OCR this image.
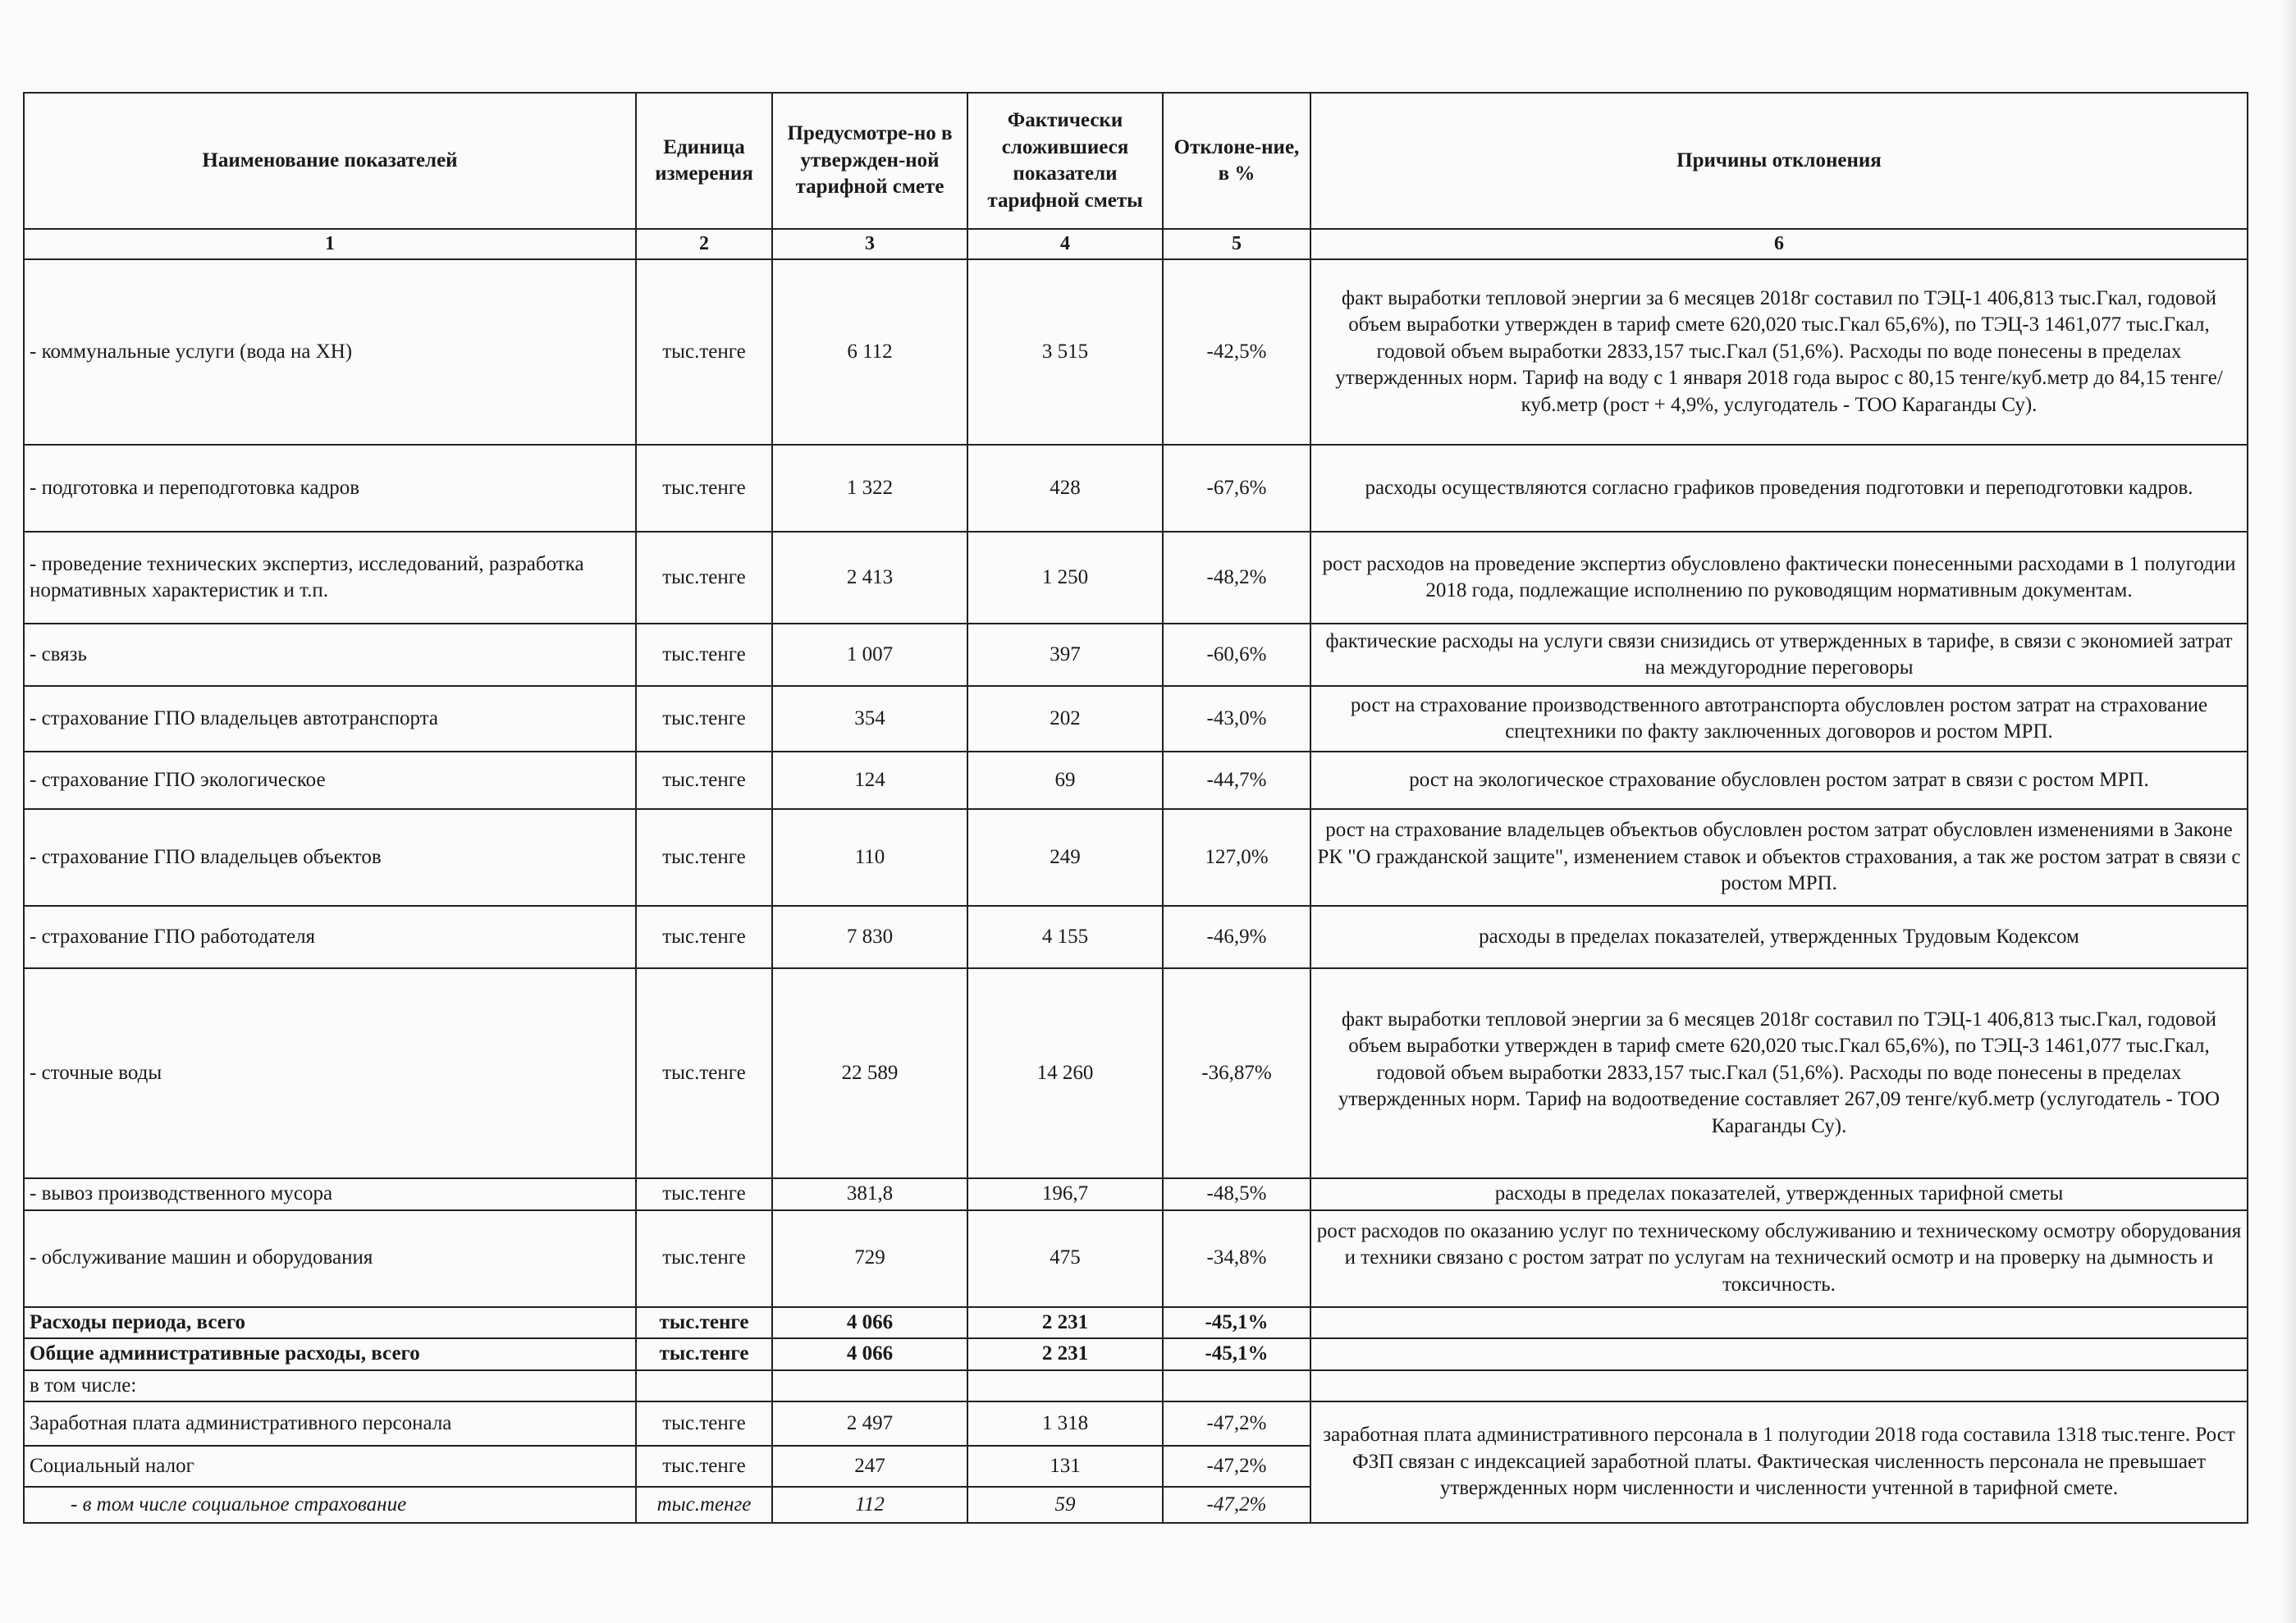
Наименование показателей	Единица измерения	Предусмотре-но в утвержден-ной тарифной смете	Фактически сложившиеся показатели тарифной сметы	Отклоне-ние, в %	Причины отклонения
1	2	3	4	5	6
- коммунальные услуги (вода на ХН)	тыс.тенге	6 112	3 515	-42,5%	факт выработки тепловой энергии за 6 месяцев 2018г составил по ТЭЦ-1 406,813 тыс.Гкал, годовой объем выработки утвержден в тариф смете 620,020 тыс.Гкал 65,6%), по ТЭЦ-3 1461,077 тыс.Гкал, годовой объем выработки 2833,157 тыс.Гкал (51,6%). Расходы по воде понесены в пределах утвержденных норм. Тариф на воду с 1 января 2018 года вырос с 80,15 тенге/куб.метр до 84,15 тенге/куб.метр (рост + 4,9%, услугодатель - ТОО Караганды Су).
- подготовка и переподготовка кадров	тыс.тенге	1 322	428	-67,6%	расходы осуществляются согласно графиков проведения подготовки и переподготовки кадров.
- проведение технических экспертиз, исследований, разработка нормативных характеристик и т.п.	тыс.тенге	2 413	1 250	-48,2%	рост расходов на проведение экспертиз обусловлено фактически понесенными расходами в 1 полугодии 2018 года, подлежащие исполнению по руководящим нормативным документам.
- связь	тыс.тенге	1 007	397	-60,6%	фактические расходы на услуги связи снизидись от утвержденных в тарифе, в связи с экономией затрат на междугородние переговоры
- страхование ГПО владельцев автотранспорта	тыс.тенге	354	202	-43,0%	рост на страхование производственного автотранспорта обусловлен ростом затрат на страхование спецтехники по факту заключенных договоров и ростом МРП.
- страхование ГПО экологическое	тыс.тенге	124	69	-44,7%	рост на экологическое страхование обусловлен ростом затрат в связи с ростом МРП.
- страхование ГПО владельцев объектов	тыс.тенге	110	249	127,0%	рост на страхование владельцев объектьов обусловлен ростом затрат обусловлен изменениями в Законе РК "О гражданской защите", изменением ставок и объектов страхования, а так же ростом затрат в связи с ростом МРП.
- страхование ГПО работодателя	тыс.тенге	7 830	4 155	-46,9%	расходы в пределах показателей, утвержденных Трудовым Кодексом
- сточные воды	тыс.тенге	22 589	14 260	-36,87%	факт выработки тепловой энергии за 6 месяцев 2018г составил по ТЭЦ-1 406,813 тыс.Гкал, годовой объем выработки утвержден в тариф смете 620,020 тыс.Гкал 65,6%), по ТЭЦ-3 1461,077 тыс.Гкал, годовой объем выработки 2833,157 тыс.Гкал (51,6%). Расходы по воде понесены в пределах утвержденных норм. Тариф на водоотведение составляет 267,09 тенге/куб.метр (услугодатель - ТОО Караганды Су).
- вывоз производственного мусора	тыс.тенге	381,8	196,7	-48,5%	расходы в пределах показателей, утвержденных тарифной сметы
- обслуживание машин и оборудования	тыс.тенге	729	475	-34,8%	рост расходов по оказанию услуг по техническому обслуживанию и техническому осмотру оборудования и техники связано с ростом затрат по услугам на технический осмотр и на проверку на дымность и токсичность.
Расходы периода, всего	тыс.тенге	4 066	2 231	-45,1%	
Общие административные расходы, всего	тыс.тенге	4 066	2 231	-45,1%	
в том числе:					
Заработная плата административного персонала	тыс.тенге	2 497	1 318	-47,2%	заработная плата административного персонала в 1 полугодии 2018 года составила 1318 тыс.тенге. Рост ФЗП связан с индексацией заработной платы. Фактическая численность персонала не превышает утвержденных норм численности и численности учтенной в тарифной смете.
Социальный налог	тыс.тенге	247	131	-47,2%	
- в том числе социальное страхование	тыс.тенге	112	59	-47,2%	
